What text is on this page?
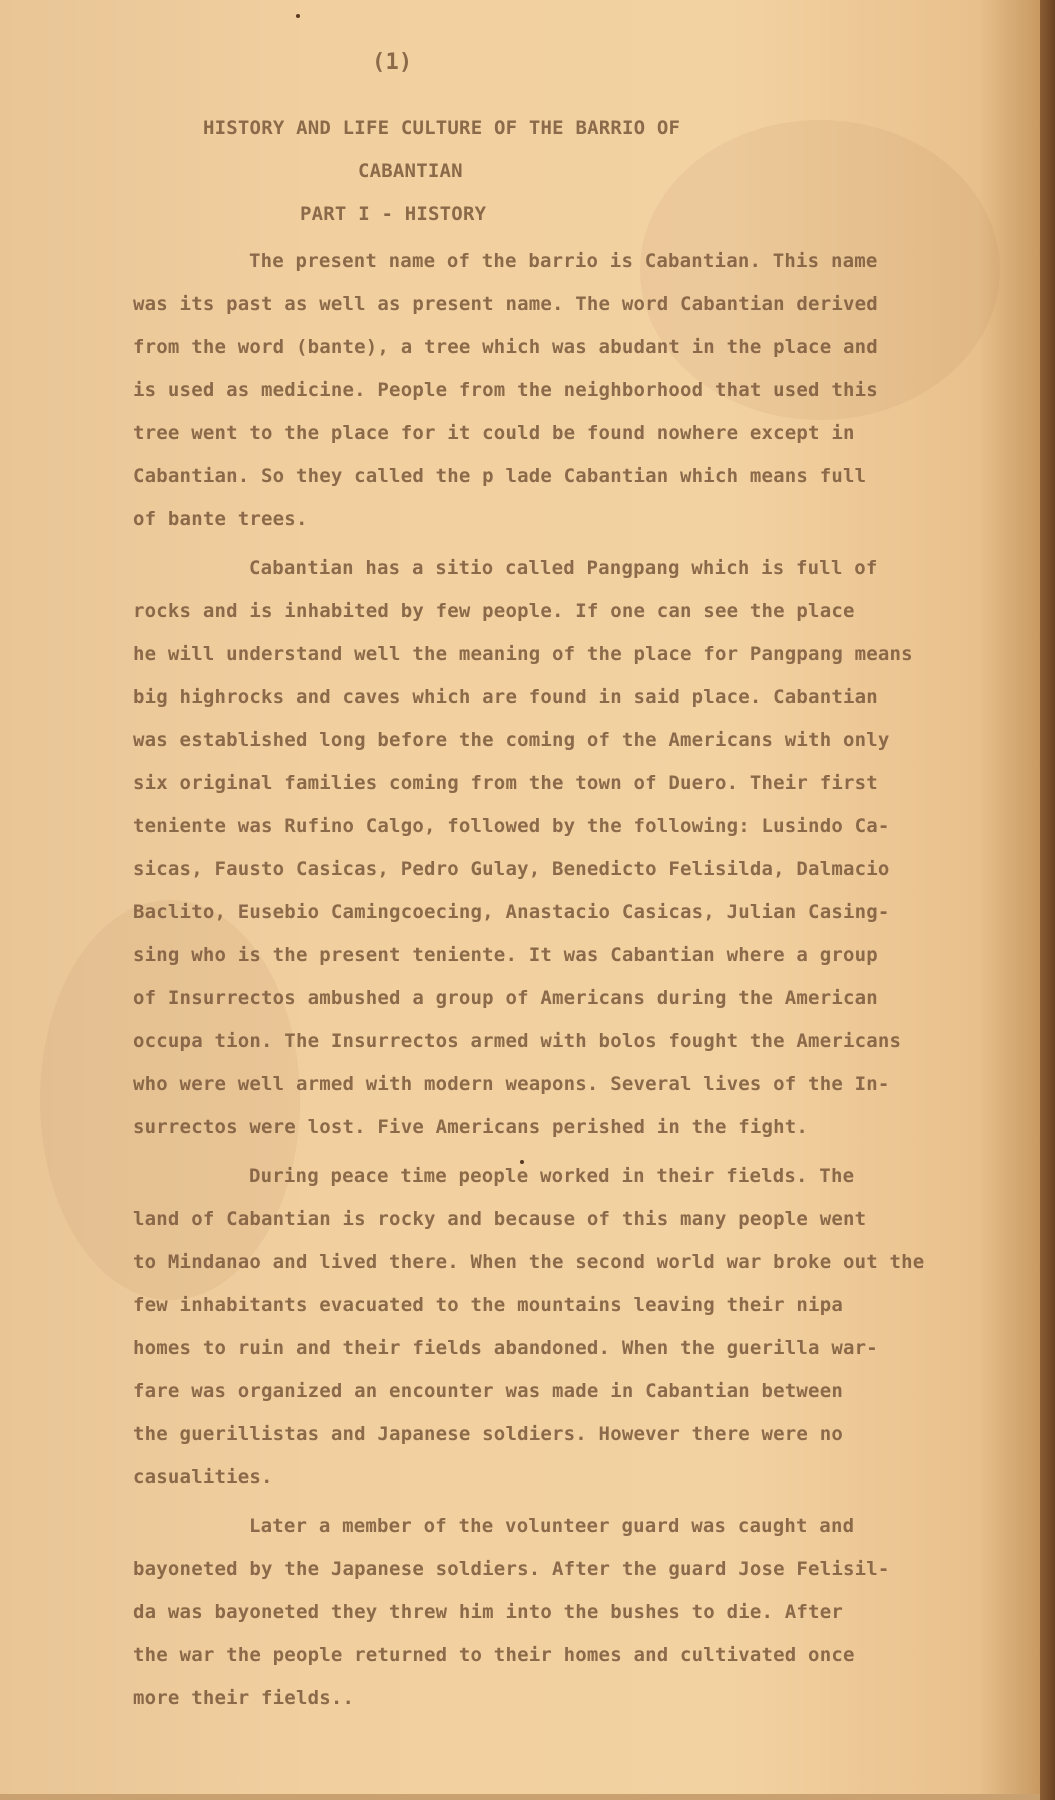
(1)
HISTORY AND LIFE CULTURE OF THE BARRIO OF
CABANTIAN
PART I - HISTORY
The present name of the barrio is Cabantian. This name
was its past as well as present name. The word Cabantian derived
from the word (bante), a tree which was abudant in the place and
is used as medicine. People from the neighborhood that used this
tree went to the place for it could be found nowhere except in
Cabantian. So they called the p lade Cabantian which means full
of bante trees.
Cabantian has a sitio called Pangpang which is full of
rocks and is inhabited by few people. If one can see the place
he will understand well the meaning of the place for Pangpang means
big highrocks and caves which are found in said place. Cabantian
was established long before the coming of the Americans with only
six original families coming from the town of Duero. Their first
teniente was Rufino Calgo, followed by the following: Lusindo Ca-
sicas, Fausto Casicas, Pedro Gulay, Benedicto Felisilda, Dalmacio
Baclito, Eusebio Camingcoecing, Anastacio Casicas, Julian Casing-
sing who is the present teniente. It was Cabantian where a group
of Insurrectos ambushed a group of Americans during the American
occupa tion. The Insurrectos armed with bolos fought the Americans
who were well armed with modern weapons. Several lives of the In-
surrectos were lost. Five Americans perished in the fight.
During peace time people worked in their fields. The
land of Cabantian is rocky and because of this many people went
to Mindanao and lived there. When the second world war broke out the
few inhabitants evacuated to the mountains leaving their nipa
homes to ruin and their fields abandoned. When the guerilla war-
fare was organized an encounter was made in Cabantian between
the guerillistas and Japanese soldiers. However there were no
casualities.
Later a member of the volunteer guard was caught and
bayoneted by the Japanese soldiers. After the guard Jose Felisil-
da was bayoneted they threw him into the bushes to die. After
the war the people returned to their homes and cultivated once
more their fields..
